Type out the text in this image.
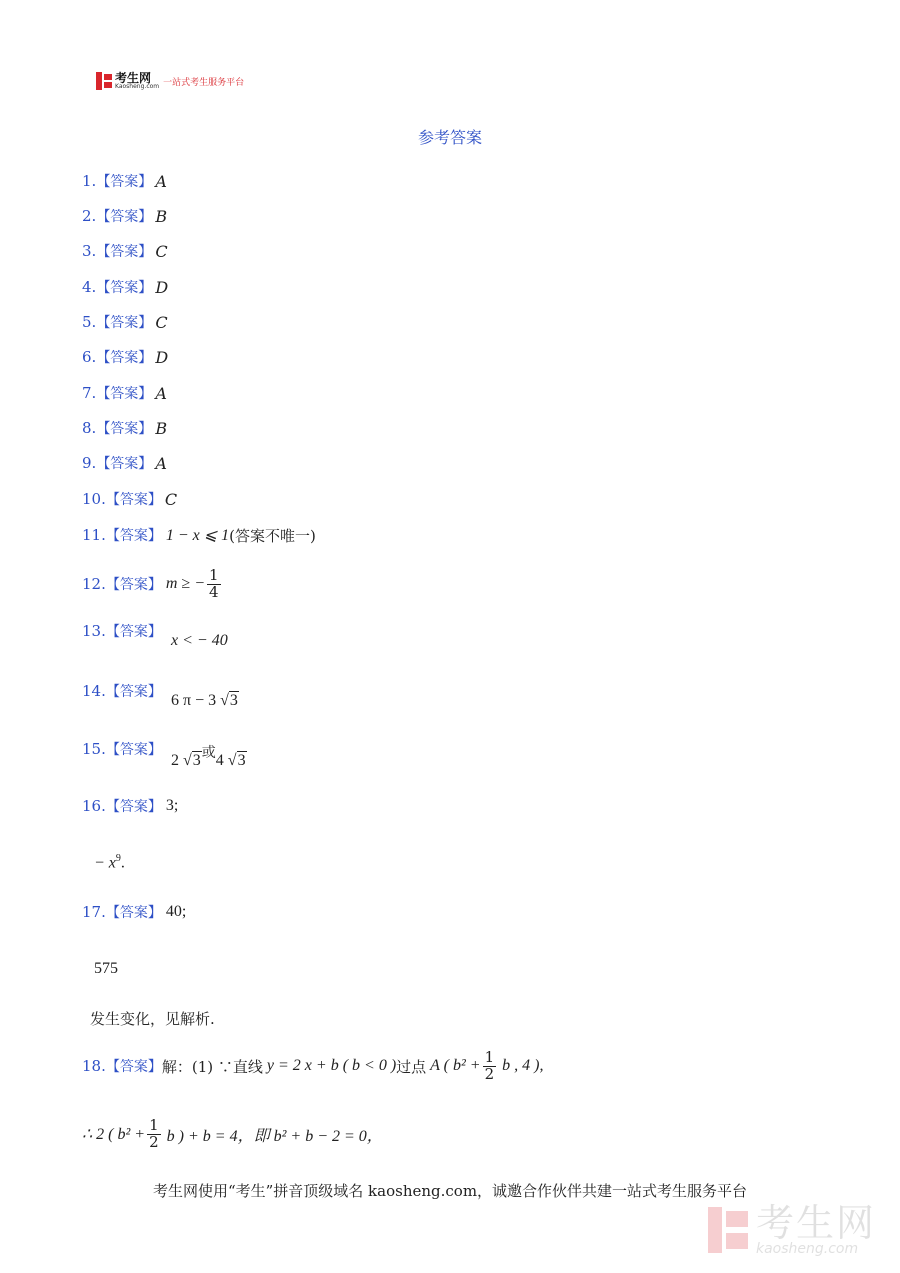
考生网
Kaosheng.com 一站式考生服务平台
参考答案
1. 【答案】 A
2. 【答案】 B
3. 【答案】 C
4. 【答案】 D
5. 【答案】 C
6. 【答案】 D
7. 【答案】 A
8. 【答案】 B
9. 【答案】 A
10. 【答案】 C
11. 【答案】 1 − x ⩽ 1 (答案不唯一)
12. 【答案】 m ≥ − $\frac{1}{4}$
13. 【答案】 x < − 40
14. 【答案】 6 π − 3 √3
15. 【答案】
2 √3或4 √3
16. 【答案】 3;
− $x^9$.
17. 【答案】 40;
575
发生变化，见解析.
18. 【答案】 解：(1) ∵直线 y = 2 x + b ( b < 0 ) 过点 A ( $b^2 + \frac{1}{2}$ b , 4 ),
∴ 2 ( $b^2 + \frac{1}{2}$ b ) + b = 4，即 b² + b − 2 = 0，
考生网使用“考生”拼音顶级域名 kaosheng.com，诚邀合作伙伴共建一站式考生服务平台
考生网
kaosheng.com
